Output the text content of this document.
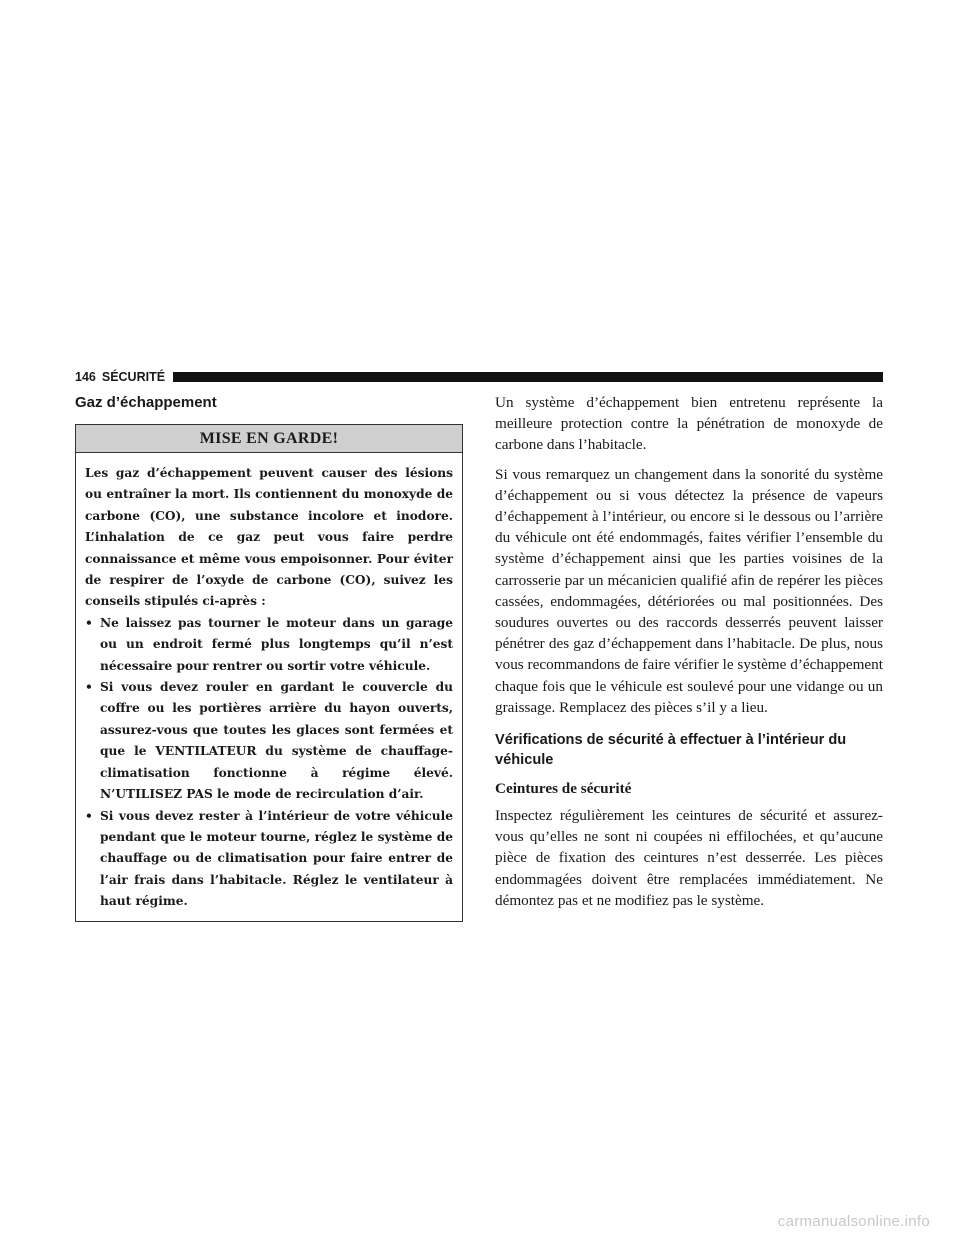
146 SÉCURITÉ
Gaz d’échappement
MISE EN GARDE!

Les gaz d’échappement peuvent causer des lésions ou entraîner la mort. Ils contiennent du monoxyde de carbone (CO), une substance incolore et inodore. L’inhalation de ce gaz peut vous faire perdre connaissance et même vous empoisonner. Pour éviter de respirer de l’oxyde de carbone (CO), suivez les conseils stipulés ci-après :

• Ne laissez pas tourner le moteur dans un garage ou un endroit fermé plus longtemps qu’il n’est nécessaire pour rentrer ou sortir votre véhicule.
• Si vous devez rouler en gardant le couvercle du coffre ou les portières arrière du hayon ouverts, assurez-vous que toutes les glaces sont fermées et que le VENTILATEUR du système de chauffage-climatisation fonctionne à régime élevé. N’UTILISEZ PAS le mode de recirculation d’air.
• Si vous devez rester à l’intérieur de votre véhicule pendant que le moteur tourne, réglez le système de chauffage ou de climatisation pour faire entrer de l’air frais dans l’habitacle. Réglez le ventilateur à haut régime.

Un système d’échappement bien entretenu représente la meilleure protection contre la pénétration de monoxyde de carbone dans l’habitacle.

Si vous remarquez un changement dans la sonorité du système d’échappement ou si vous détectez la présence de vapeurs d’échappement à l’intérieur, ou encore si le dessous ou l’arrière du véhicule ont été endommagés, faites vérifier l’ensemble du système d’échappement ainsi que les parties voisines de la carrosserie par un mécanicien qualifié afin de repérer les pièces cassées, endommagées, détériorées ou mal positionnées. Des soudures ouvertes ou des raccords desserrés peuvent laisser pénétrer des gaz d’échappement dans l’habitacle. De plus, nous vous recommandons de faire vérifier le système d’échappement chaque fois que le véhicule est soulevé pour une vidange ou un graissage. Remplacez des pièces s’il y a lieu.

Vérifications de sécurité à effectuer à l’intérieur du véhicule
Ceintures de sécurité

Inspectez régulièrement les ceintures de sécurité et assurez-vous qu’elles ne sont ni coupées ni effilochées, et qu’aucune pièce de fixation des ceintures n’est desserrée. Les pièces endommagées doivent être remplacées immédiatement. Ne démontez pas et ne modifiez pas le système.

carmanualsonline.info
